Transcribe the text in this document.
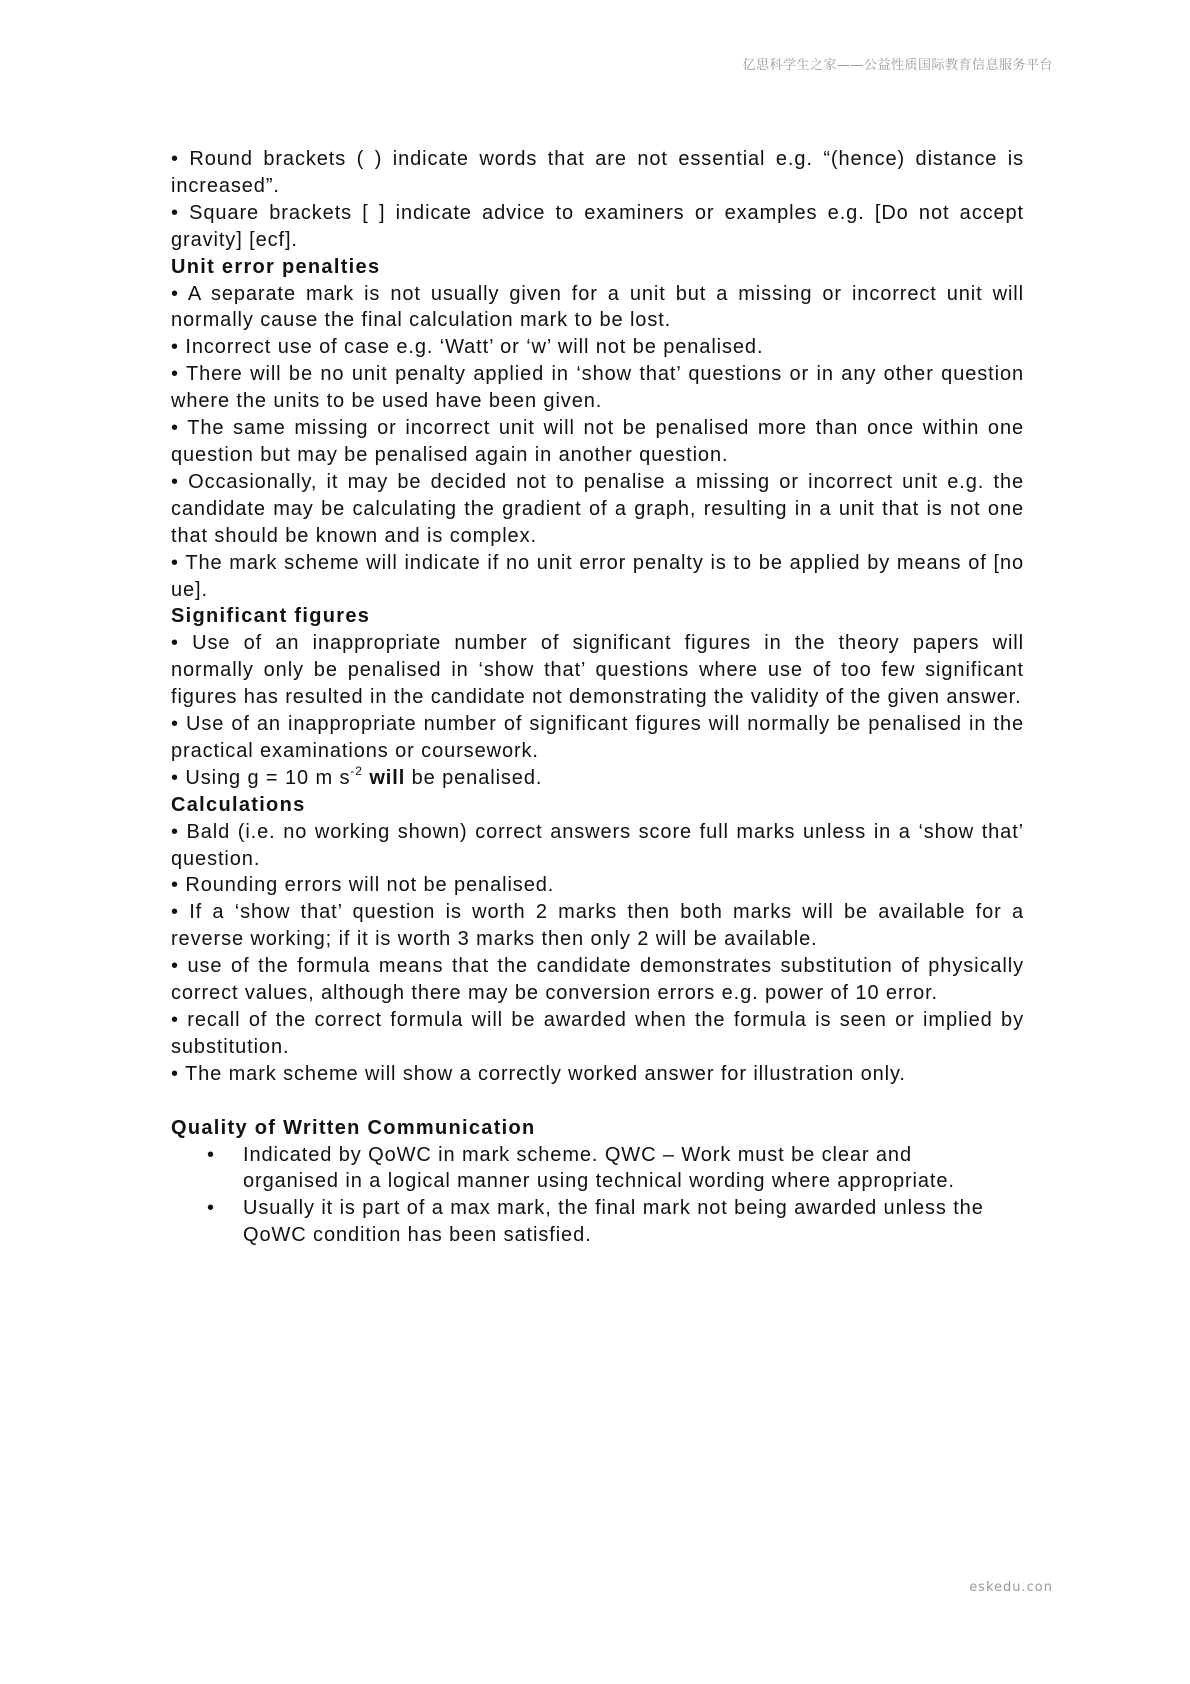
亿思科学生之家——公益性质国际教育信息服务平台

• Round brackets ( ) indicate words that are not essential e.g. “(hence) distance is increased”.

• Square brackets [ ] indicate advice to examiners or examples e.g. [Do not accept gravity] [ecf].

Unit error penalties

• A separate mark is not usually given for a unit but a missing or incorrect unit will normally cause the final calculation mark to be lost.

• Incorrect use of case e.g. ‘Watt’ or ‘w’ will not be penalised.

• There will be no unit penalty applied in ‘show that’ questions or in any other question where the units to be used have been given.

• The same missing or incorrect unit will not be penalised more than once within one question but may be penalised again in another question.

• Occasionally, it may be decided not to penalise a missing or incorrect unit e.g. the candidate may be calculating the gradient of a graph, resulting in a unit that is not one that should be known and is complex.

• The mark scheme will indicate if no unit error penalty is to be applied by means of [no ue].

Significant figures

• Use of an inappropriate number of significant figures in the theory papers will normally only be penalised in ‘show that’ questions where use of too few significant figures has resulted in the candidate not demonstrating the validity of the given answer.

• Use of an inappropriate number of significant figures will normally be penalised in the practical examinations or coursework.

• Using g = 10 m $s^{-2}$ will be penalised.

Calculations

• Bald (i.e. no working shown) correct answers score full marks unless in a ‘show that’ question.

• Rounding errors will not be penalised.

• If a ‘show that’ question is worth 2 marks then both marks will be available for a reverse working; if it is worth 3 marks then only 2 will be available.

• use of the formula means that the candidate demonstrates substitution of physically correct values, although there may be conversion errors e.g. power of 10 error.

• recall of the correct formula will be awarded when the formula is seen or implied by substitution.

• The mark scheme will show a correctly worked answer for illustration only.

Quality of Written Communication
• Indicated by QoWC in mark scheme. QWC – Work must be clear and organised in a logical manner using technical wording where appropriate.
• Usually it is part of a max mark, the final mark not being awarded unless the QoWC condition has been satisfied.
eskedu.con
